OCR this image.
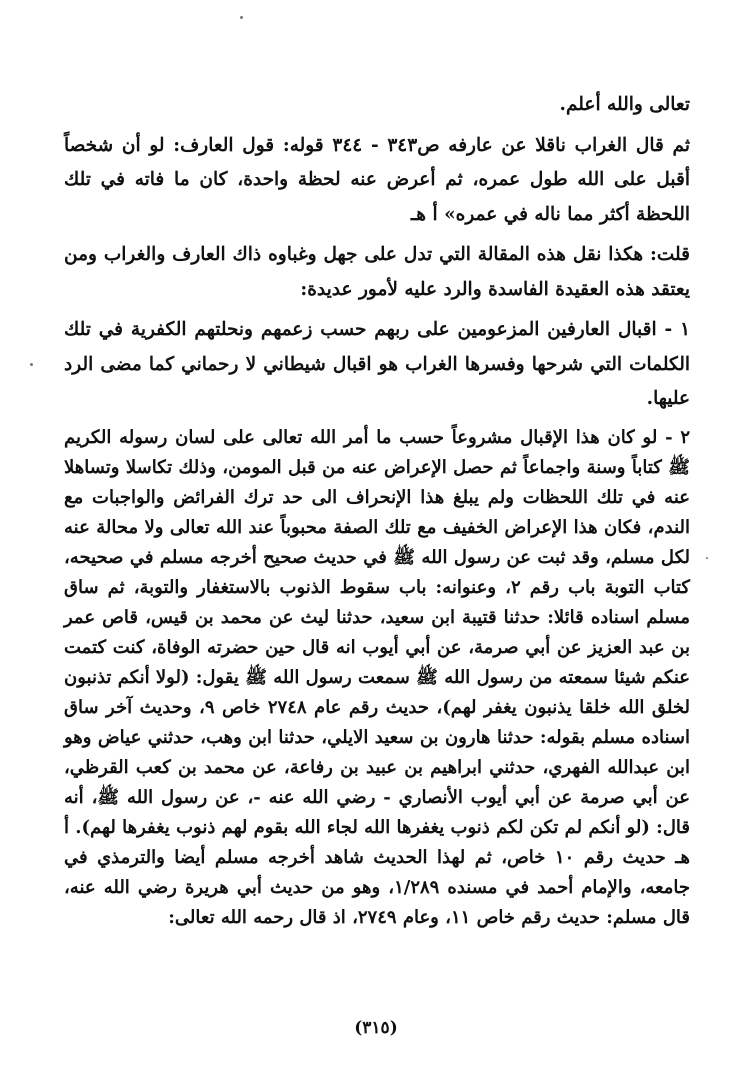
تعالى والله أعلم.

ثم قال الغراب ناقلا عن عارفه ص٣٤٣ - ٣٤٤ قوله: قول العارف: لو أن شخصاً أقبل على الله طول عمره، ثم أعرض عنه لحظة واحدة، كان ما فاته في تلك اللحظة أكثر مما ناله في عمره» أ هـ

قلت: هكذا نقل هذه المقالة التي تدل على جهل وغباوه ذاك العارف والغراب ومن يعتقد هذه العقيدة الفاسدة والرد عليه لأمور عديدة:

١ - اقبال العارفين المزعومين على ربهم حسب زعمهم ونحلتهم الكفرية في تلك الكلمات التي شرحها وفسرها الغراب هو اقبال شيطاني لا رحماني كما مضى الرد عليها.

٢ - لو كان هذا الإقبال مشروعاً حسب ما أمر الله تعالى على لسان رسوله الكريم ﷺ كتاباً وسنة واجماعاً ثم حصل الإعراض عنه من قبل المومن، وذلك تكاسلا وتساهلا عنه في تلك اللحظات ولم يبلغ هذا الإنحراف الى حد ترك الفرائض والواجبات مع الندم، فكان هذا الإعراض الخفيف مع تلك الصفة محبوباً عند الله تعالى ولا محالة عنه لكل مسلم، وقد ثبت عن رسول الله ﷺ في حديث صحيح أخرجه مسلم في صحيحه، كتاب التوبة باب رقم ٢، وعنوانه: باب سقوط الذنوب بالاستغفار والتوبة، ثم ساق مسلم اسناده قائلا: حدثنا قتيبة ابن سعيد، حدثنا ليث عن محمد بن قيس، قاص عمر بن عبد العزيز عن أبي صرمة، عن أبي أيوب انه قال حين حضرته الوفاة، كنت كتمت عنكم شيئا سمعته من رسول الله ﷺ سمعت رسول الله ﷺ يقول: (لولا أنكم تذنبون لخلق الله خلقا يذنبون يغفر لهم)، حديث رقم عام ٢٧٤٨ خاص ٩، وحديث آخر ساق اسناده مسلم بقوله: حدثنا هارون بن سعيد الايلي، حدثنا ابن وهب، حدثني عياض وهو ابن عبدالله الفهري، حدثني ابراهيم بن عبيد بن رفاعة، عن محمد بن كعب القرظي، عن أبي صرمة عن أبي أيوب الأنصاري - رضي الله عنه -، عن رسول الله ﷺ، أنه قال: (لو أنكم لم تكن لكم ذنوب يغفرها الله لجاء الله بقوم لهم ذنوب يغفرها لهم). أ هـ حديث رقم ١٠ خاص، ثم لهذا الحديث شاهد أخرجه مسلم أيضا والترمذي في جامعه، والإمام أحمد في مسنده ١/٢٨٩، وهو من حديث أبي هريرة رضي الله عنه، قال مسلم: حديث رقم خاص ١١، وعام ٢٧٤٩، اذ قال رحمه الله تعالى:

(٣١٥)
